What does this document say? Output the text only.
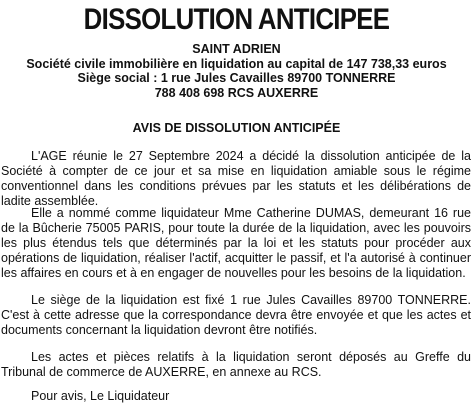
DISSOLUTION ANTICIPEE
SAINT ADRIEN
Société civile immobilière en liquidation au capital de 147 738,33 euros
Siège social : 1 rue Jules Cavailles 89700 TONNERRE
788 408 698 RCS AUXERRE
AVIS DE DISSOLUTION ANTICIPÉE

L'AGE réunie le 27 Septembre 2024 a décidé la dissolution anticipée de la Société à compter de ce jour et sa mise en liquidation amiable sous le régime conventionnel dans les conditions prévues par les statuts et les délibérations de ladite assemblée.

Elle a nommé comme liquidateur Mme Catherine DUMAS, demeurant 16 rue de la Bûcherie 75005 PARIS, pour toute la durée de la liquidation, avec les pouvoirs les plus étendus tels que déterminés par la loi et les statuts pour procéder aux opérations de liquidation, réaliser l'actif, acquitter le passif, et l'a autorisé à continuer les affaires en cours et à en engager de nouvelles pour les besoins de la liquidation.

Le siège de la liquidation est fixé 1 rue Jules Cavailles 89700 TONNERRE. C'est à cette adresse que la correspondance devra être envoyée et que les actes et documents concernant la liquidation devront être notifiés.

Les actes et pièces relatifs à la liquidation seront déposés au Greffe du Tribunal de commerce de AUXERRE, en annexe au RCS.

Pour avis, Le Liquidateur
